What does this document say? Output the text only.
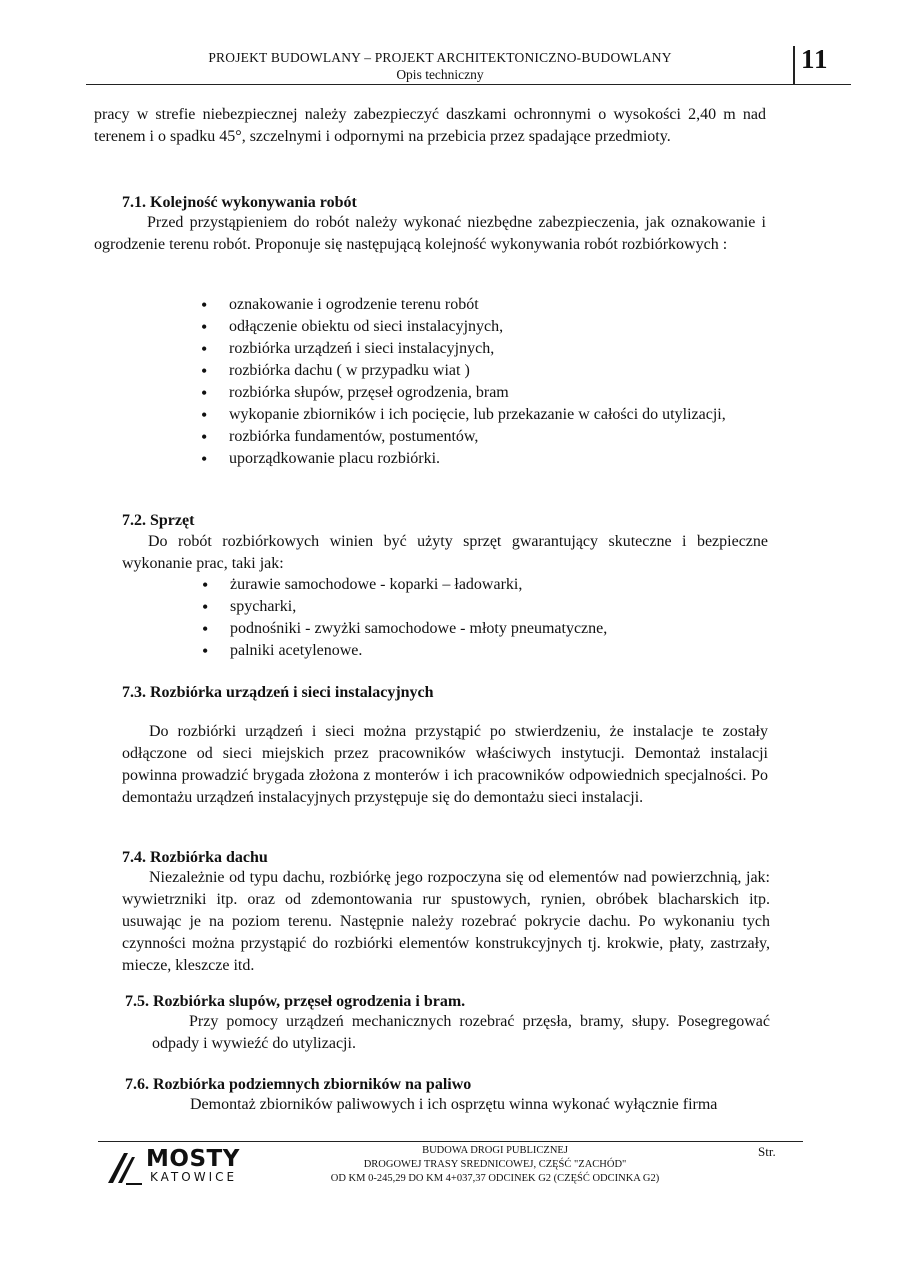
PROJEKT BUDOWLANY – PROJEKT ARCHITEKTONICZNO-BUDOWLANY
Opis techniczny
11
pracy w strefie niebezpiecznej należy zabezpieczyć daszkami ochronnymi o wysokości 2,40 m nad terenem i o spadku 45°, szczelnymi i odpornymi na przebicia przez spadające przedmioty.
7.1. Kolejność wykonywania robót
Przed przystąpieniem do robót należy wykonać niezbędne zabezpieczenia, jak oznakowanie i ogrodzenie terenu robót. Proponuje się następującą kolejność wykonywania robót rozbiórkowych :
• oznakowanie i ogrodzenie terenu robót
• odłączenie obiektu od sieci instalacyjnych,
• rozbiórka urządzeń i sieci instalacyjnych,
• rozbiórka dachu ( w przypadku wiat )
• rozbiórka słupów, przęseł ogrodzenia, bram
• wykopanie zbiorników i ich pocięcie, lub przekazanie w całości do utylizacji,
• rozbiórka fundamentów, postumentów,
• uporządkowanie placu rozbiórki.
7.2. Sprzęt
Do robót rozbiórkowych winien być użyty sprzęt gwarantujący skuteczne i bezpieczne wykonanie prac, taki jak:
• żurawie samochodowe - koparki – ładowarki,
• spycharki,
• podnośniki - zwyżki samochodowe - młoty pneumatyczne,
• palniki acetylenowe.
7.3. Rozbiórka urządzeń i sieci instalacyjnych
Do rozbiórki urządzeń i sieci można przystąpić po stwierdzeniu, że instalacje te zostały odłączone od sieci miejskich przez pracowników właściwych instytucji. Demontaż instalacji powinna prowadzić brygada złożona z monterów i ich pracowników odpowiednich specjalności. Po demontażu urządzeń instalacyjnych przystępuje się do demontażu sieci instalacji.
7.4. Rozbiórka dachu
Niezależnie od typu dachu, rozbiórkę jego rozpoczyna się od elementów nad powierzchnią, jak: wywietrzniki itp. oraz od zdemontowania rur spustowych, rynien, obróbek blacharskich itp. usuwając je na poziom terenu. Następnie należy rozebrać pokrycie dachu. Po wykonaniu tych czynności można przystąpić do rozbiórki elementów konstrukcyjnych tj. krokwie, płaty, zastrzały, miecze, kleszcze itd.
7.5. Rozbiórka slupów, przęseł ogrodzenia i bram.
Przy pomocy urządzeń mechanicznych rozebrać przęsła, bramy, słupy. Posegregować odpady i wywieźć do utylizacji.
7.6. Rozbiórka podziemnych zbiorników na paliwo
Demontaż zbiorników paliwowych i ich osprzętu winna wykonać wyłącznie firma
MOSTY
KATOWICE
BUDOWA DROGI PUBLICZNEJ
DROGOWEJ TRASY SREDNICOWEJ, CZĘŚĆ "ZACHÓD"
OD KM 0-245,29 DO KM 4+037,37 ODCINEK G2 (CZĘŚĆ ODCINKA G2)
Str.
